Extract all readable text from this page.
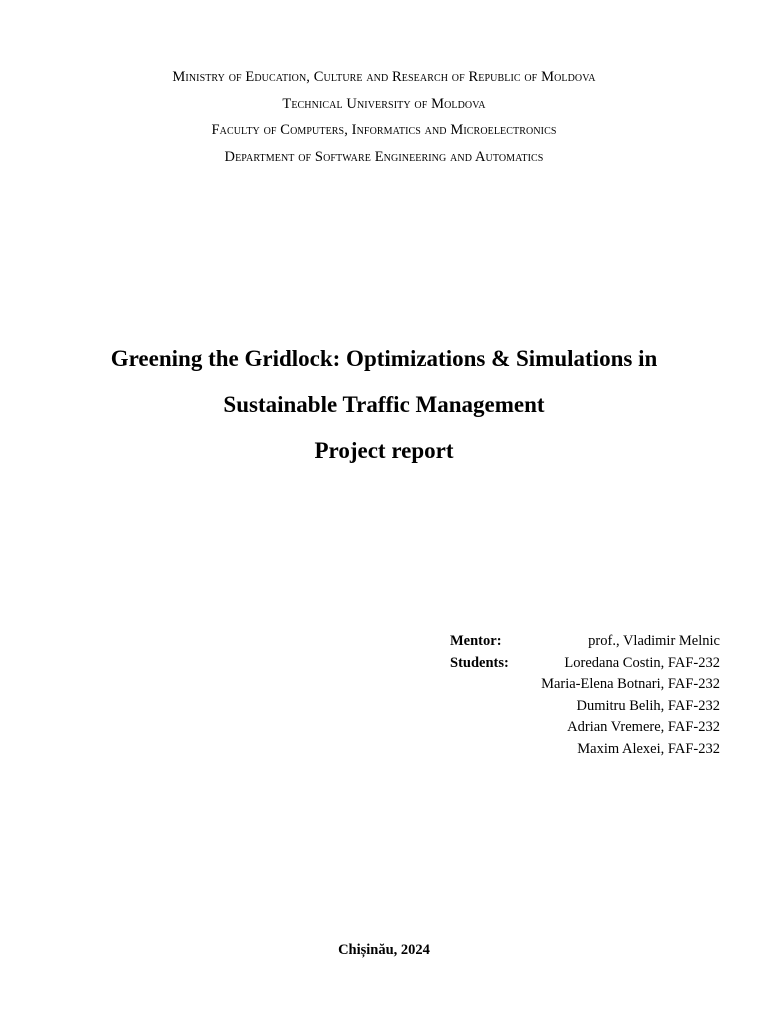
Ministry of Education, Culture and Research of Republic of Moldova
Technical University of Moldova
Faculty of Computers, Informatics and Microelectronics
Department of Software Engineering and Automatics
Greening the Gridlock: Optimizations & Simulations in
Sustainable Traffic Management
Project report
Mentor:	prof., Vladimir Melnic
Students:	Loredana Costin, FAF-232
Maria-Elena Botnari, FAF-232
Dumitru Belih, FAF-232
Adrian Vremere, FAF-232
Maxim Alexei, FAF-232
Chișinău, 2024
